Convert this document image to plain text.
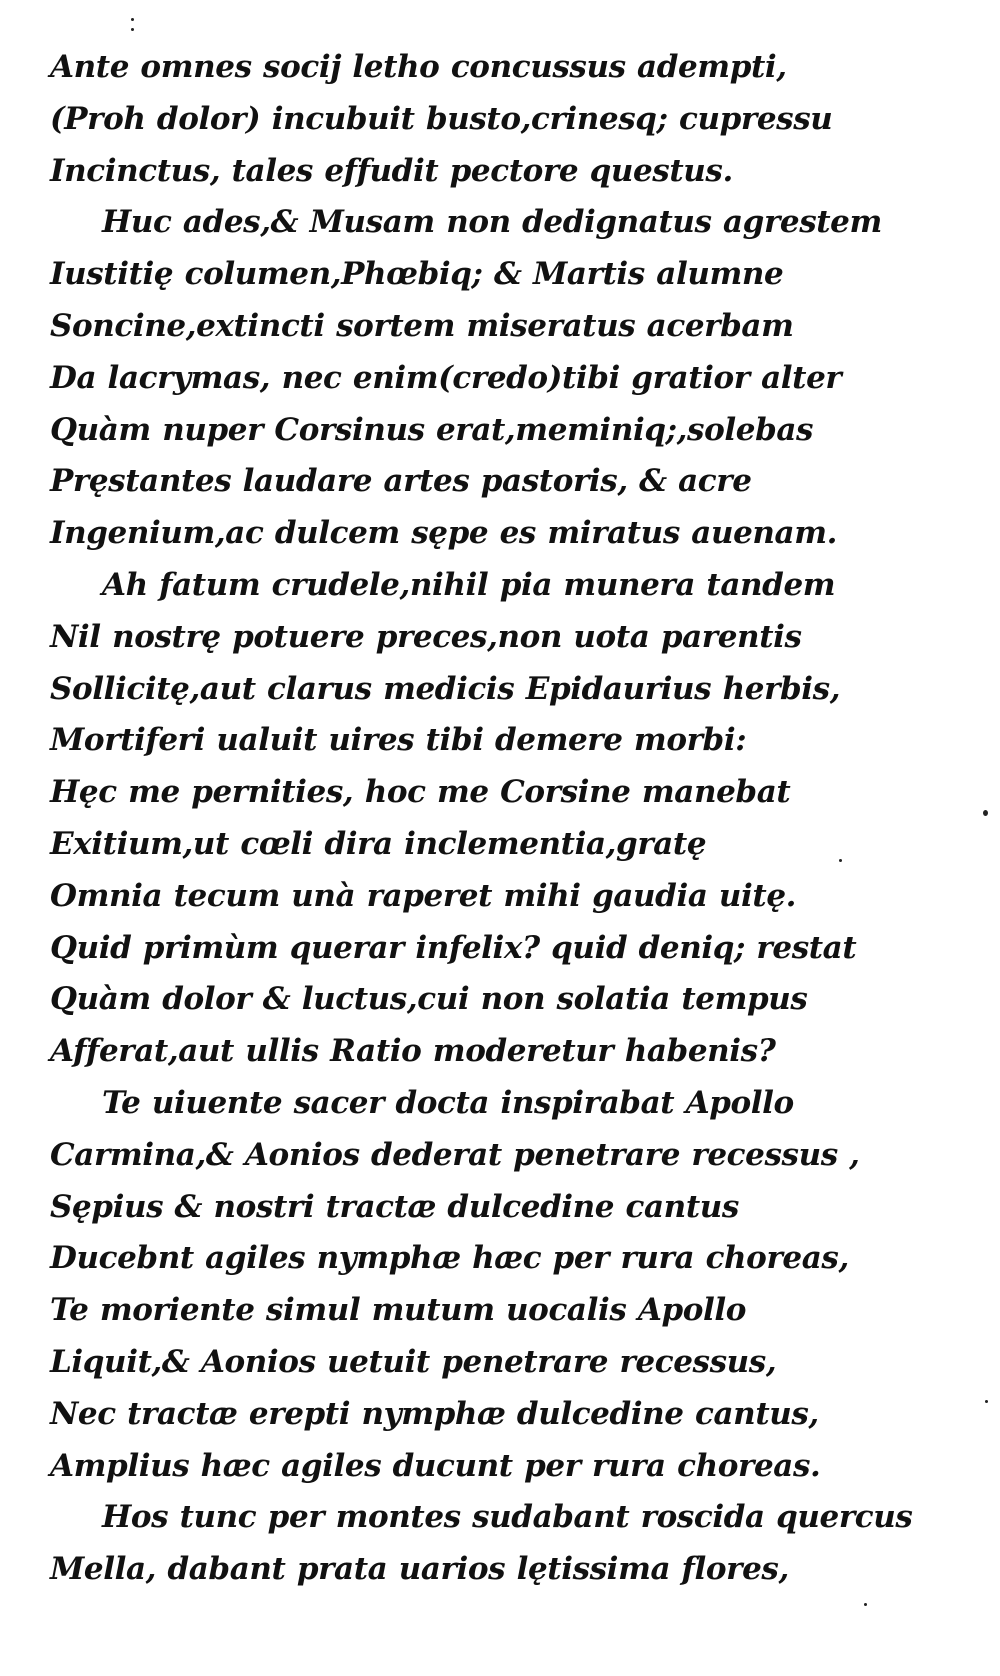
Ante omnes socij letho concussus adempti,
(Proh dolor) incubuit busto,crinesq; cupressu
Incinctus, tales effudit pectore questus.
Huc ades,& Musam non dedignatus agrestem
Iustitię columen,Phœbiq; & Martis alumne
Soncine,extincti sortem miseratus acerbam
Da lacrymas, nec enim(credo)tibi gratior alter
Quàm nuper Corsinus erat,meminiq;,solebas
Pręstantes laudare artes pastoris, & acre
Ingenium,ac dulcem sępe es miratus auenam.
Ah fatum crudele,nihil pia munera tandem
Nil nostrę potuere preces,non uota parentis
Sollicitę,aut clarus medicis Epidaurius herbis,
Mortiferi ualuit uires tibi demere morbi:
Hęc me pernities, hoc me Corsine manebat
Exitium,ut cœli dira inclementia,gratę
Omnia tecum unà raperet mihi gaudia uitę.
Quid primùm querar infelix? quid deniq; restat
Quàm dolor & luctus,cui non solatia tempus
Afferat,aut ullis Ratio moderetur habenis?
Te uiuente sacer docta inspirabat Apollo
Carmina,& Aonios dederat penetrare recessus ,
Sępius & nostri tractæ dulcedine cantus
Ducebnt agiles nymphæ hæc per rura choreas,
Te moriente simul mutum uocalis Apollo
Liquit,& Aonios uetuit penetrare recessus,
Nec tractæ erepti nymphæ dulcedine cantus,
Amplius hæc agiles ducunt per rura choreas.
Hos tunc per montes sudabant roscida quercus
Mella, dabant prata uarios lętissima flores,
